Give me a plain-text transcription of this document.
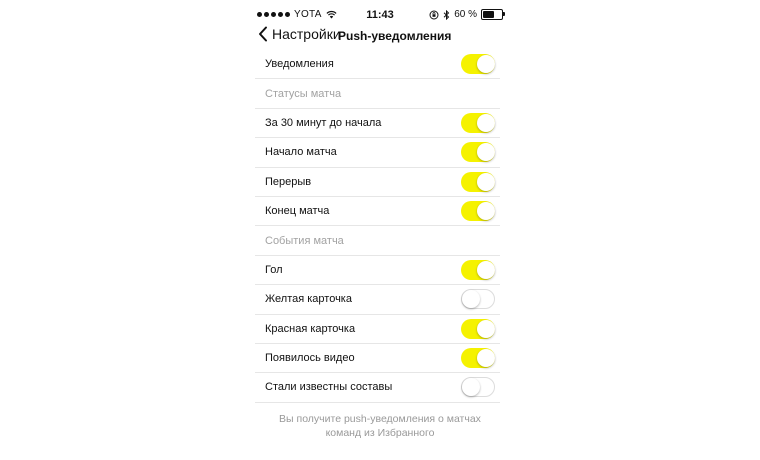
YOTA	11:43	60 %
Настройки
Push-уведомления
Уведомления
Статусы матча
За 30 минут до начала
Начало матча
Перерыв
Конец матча
События матча
Гол
Желтая карточка
Красная карточка
Появилось видео
Стали известны составы
Вы получите push-уведомления о матчах
команд из Избранного
